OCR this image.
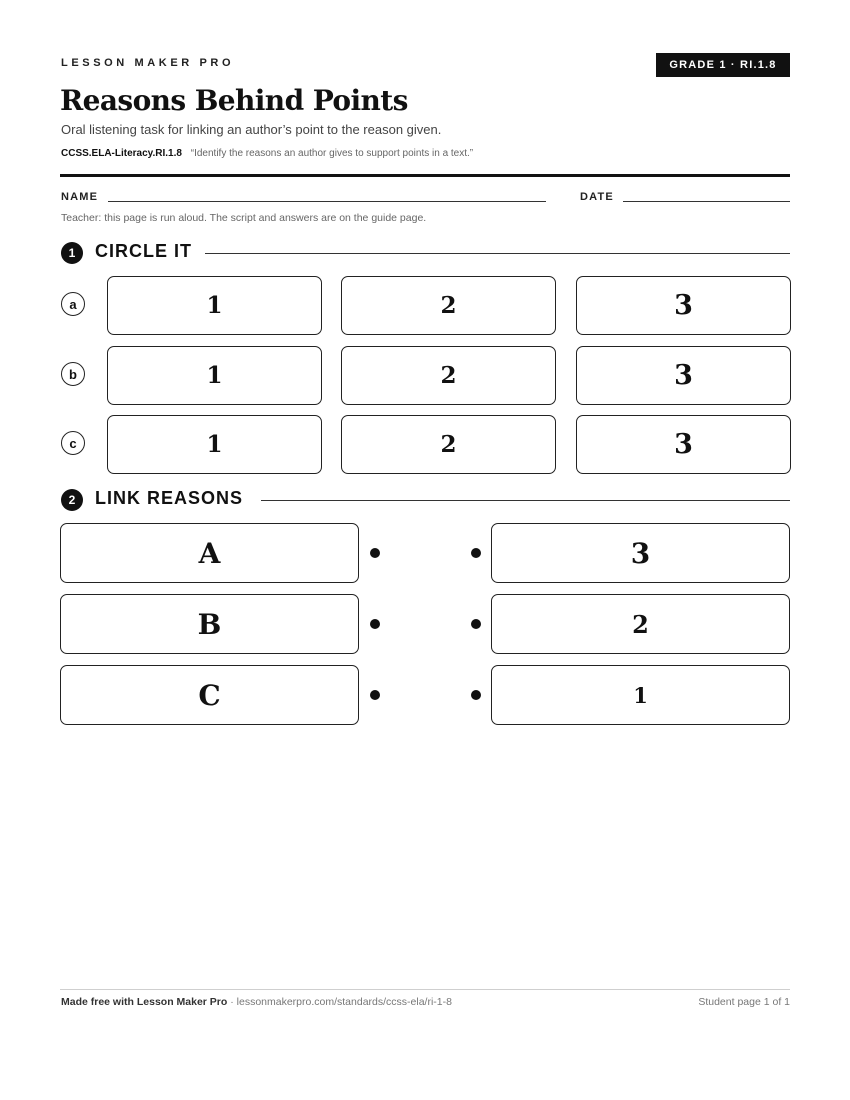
LESSON MAKER PRO	GRADE 1 · RI.1.8
Reasons Behind Points
Oral listening task for linking an author’s point to the reason given.
CCSS.ELA-Literacy.RI.1.8 “Identify the reasons an author gives to support points in a text.”
NAME	DATE
Teacher: this page is run aloud. The script and answers are on the guide page.
1	CIRCLE IT
a	1	2	3
b	1	2	3
c	1	2	3
2	LINK REASONS
A	3
B	2
C	1
Made free with Lesson Maker Pro · lessonmakerpro.com/standards/ccss-ela/ri-1-8	Student page 1 of 1
